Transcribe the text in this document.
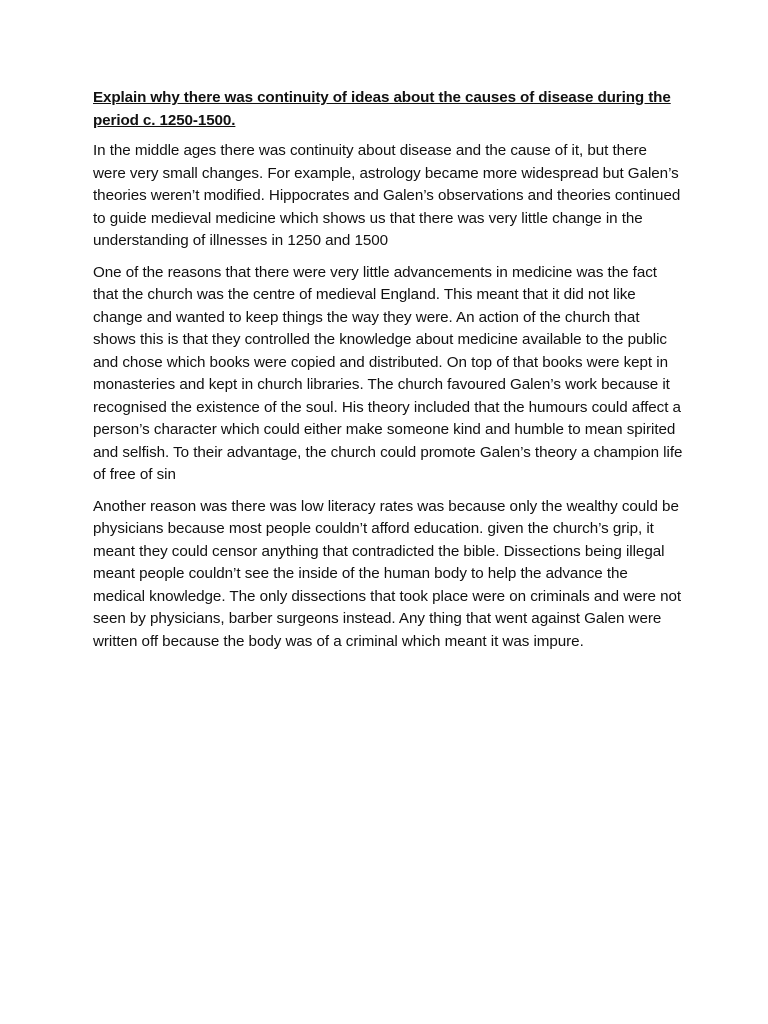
Explain why there was continuity of ideas about the causes of disease during the period c. 1250-1500.

In the middle ages there was continuity about disease and the cause of it, but there were very small changes. For example, astrology became more widespread but Galen’s theories weren’t modified. Hippocrates and Galen’s observations and theories continued to guide medieval medicine which shows us that there was very little change in the understanding of illnesses in 1250 and 1500

One of the reasons that there were very little advancements in medicine was the fact that the church was the centre of medieval England. This meant that it did not like change and wanted to keep things the way they were. An action of the church that shows this is that they controlled the knowledge about medicine available to the public and chose which books were copied and distributed. On top of that books were kept in monasteries and kept in church libraries. The church favoured Galen’s work because it recognised the existence of the soul. His theory included that the humours could affect a person’s character which could either make someone kind and humble to mean spirited and selfish. To their advantage, the church could promote Galen’s theory a champion life of free of sin

Another reason was there was low literacy rates was because only the wealthy could be physicians because most people couldn’t afford education. given the church’s grip, it meant they could censor anything that contradicted the bible. Dissections being illegal meant people couldn’t see the inside of the human body to help the advance the medical knowledge. The only dissections that took place were on criminals and were not seen by physicians, barber surgeons instead. Any thing that went against Galen were written off because the body was of a criminal which meant it was impure.
